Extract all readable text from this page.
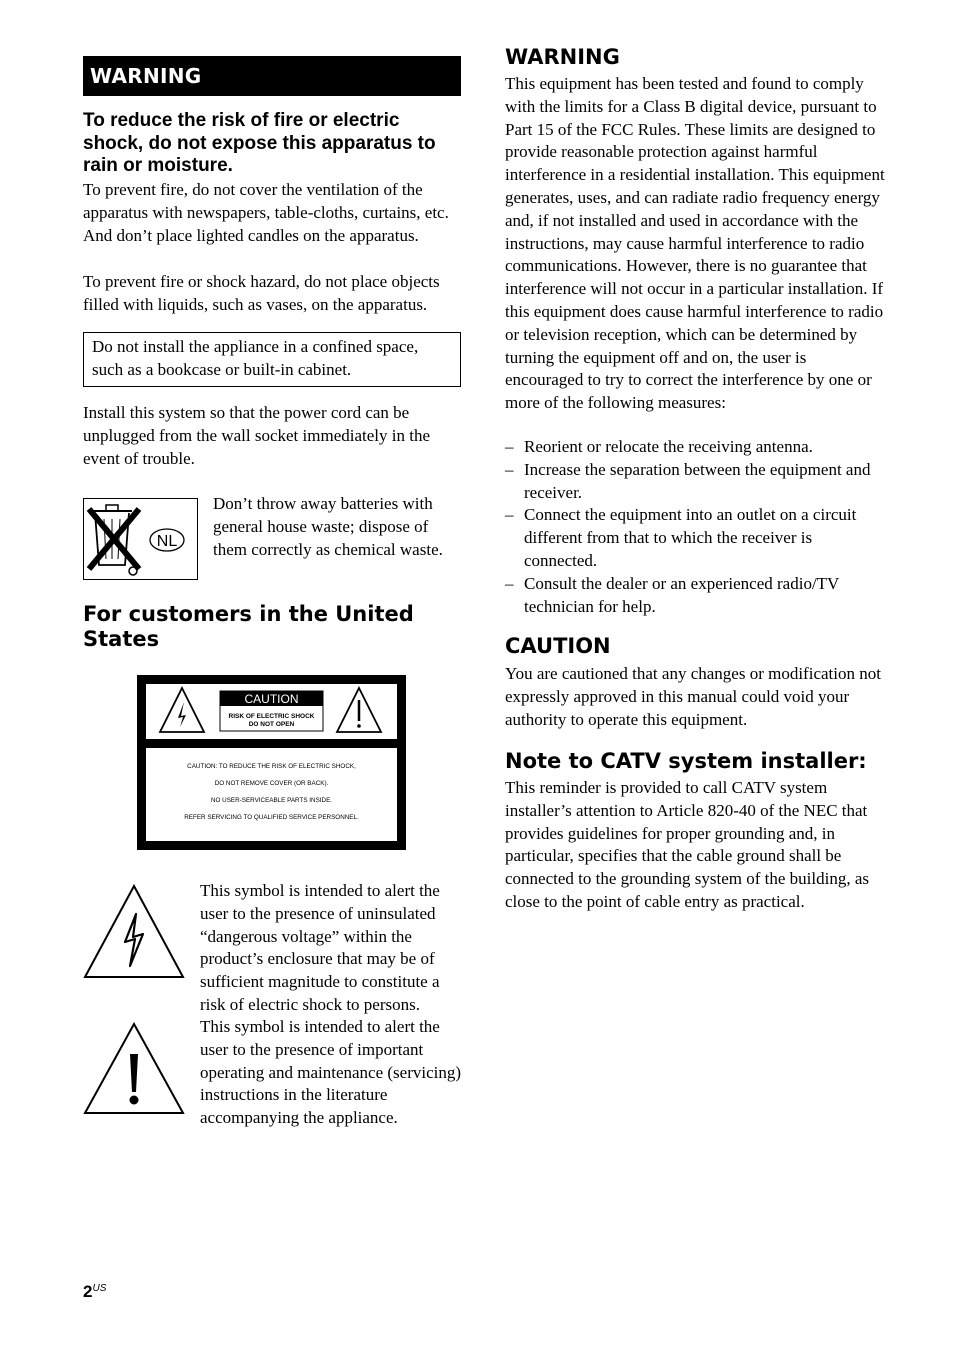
WARNING
To reduce the risk of fire or electric shock, do not expose this apparatus to rain or moisture.
To prevent fire, do not cover the ventilation of the apparatus with newspapers, table-cloths, curtains, etc. And don’t place lighted candles on the apparatus.
To prevent fire or shock hazard, do not place objects filled with liquids, such as vases, on the apparatus.
Do not install the appliance in a confined space, such as a bookcase or built-in cabinet.
Install this system so that the power cord can be unplugged from the wall socket immediately in the event of trouble.
NL
Don’t throw away batteries with general house waste; dispose of them correctly as chemical waste.
For customers in the United States
CAUTION
RISK OF ELECTRIC SHOCK
DO NOT OPEN
CAUTION: TO REDUCE THE RISK OF ELECTRIC SHOCK,
DO NOT REMOVE COVER (OR BACK).
NO USER-SERVICEABLE PARTS INSIDE.
REFER SERVICING TO QUALIFIED SERVICE PERSONNEL.
This symbol is intended to alert the user to the presence of uninsulated “dangerous voltage” within the product’s enclosure that may be of sufficient magnitude to constitute a risk of electric shock to persons.
This symbol is intended to alert the user to the presence of important operating and maintenance (servicing) instructions in the literature accompanying the appliance.
WARNING
This equipment has been tested and found to comply with the limits for a Class B digital device, pursuant to Part 15 of the FCC Rules. These limits are designed to provide reasonable protection against harmful interference in a residential installation. This equipment generates, uses, and can radiate radio frequency energy and, if not installed and used in accordance with the instructions, may cause harmful interference to radio communications. However, there is no guarantee that interference will not occur in a particular installation. If this equipment does cause harmful interference to radio or television reception, which can be determined by turning the equipment off and on, the user is encouraged to try to correct the interference by one or more of the following measures:
– Reorient or relocate the receiving antenna.
– Increase the separation between the equipment and receiver.
– Connect the equipment into an outlet on a circuit different from that to which the receiver is connected.
– Consult the dealer or an experienced radio/TV technician for help.
CAUTION
You are cautioned that any changes or modification not expressly approved in this manual could void your authority to operate this equipment.
Note to CATV system installer:
This reminder is provided to call CATV system installer’s attention to Article 820-40 of the NEC that provides guidelines for proper grounding and, in particular, specifies that the cable ground shall be connected to the grounding system of the building, as close to the point of cable entry as practical.
$2^{US}$
